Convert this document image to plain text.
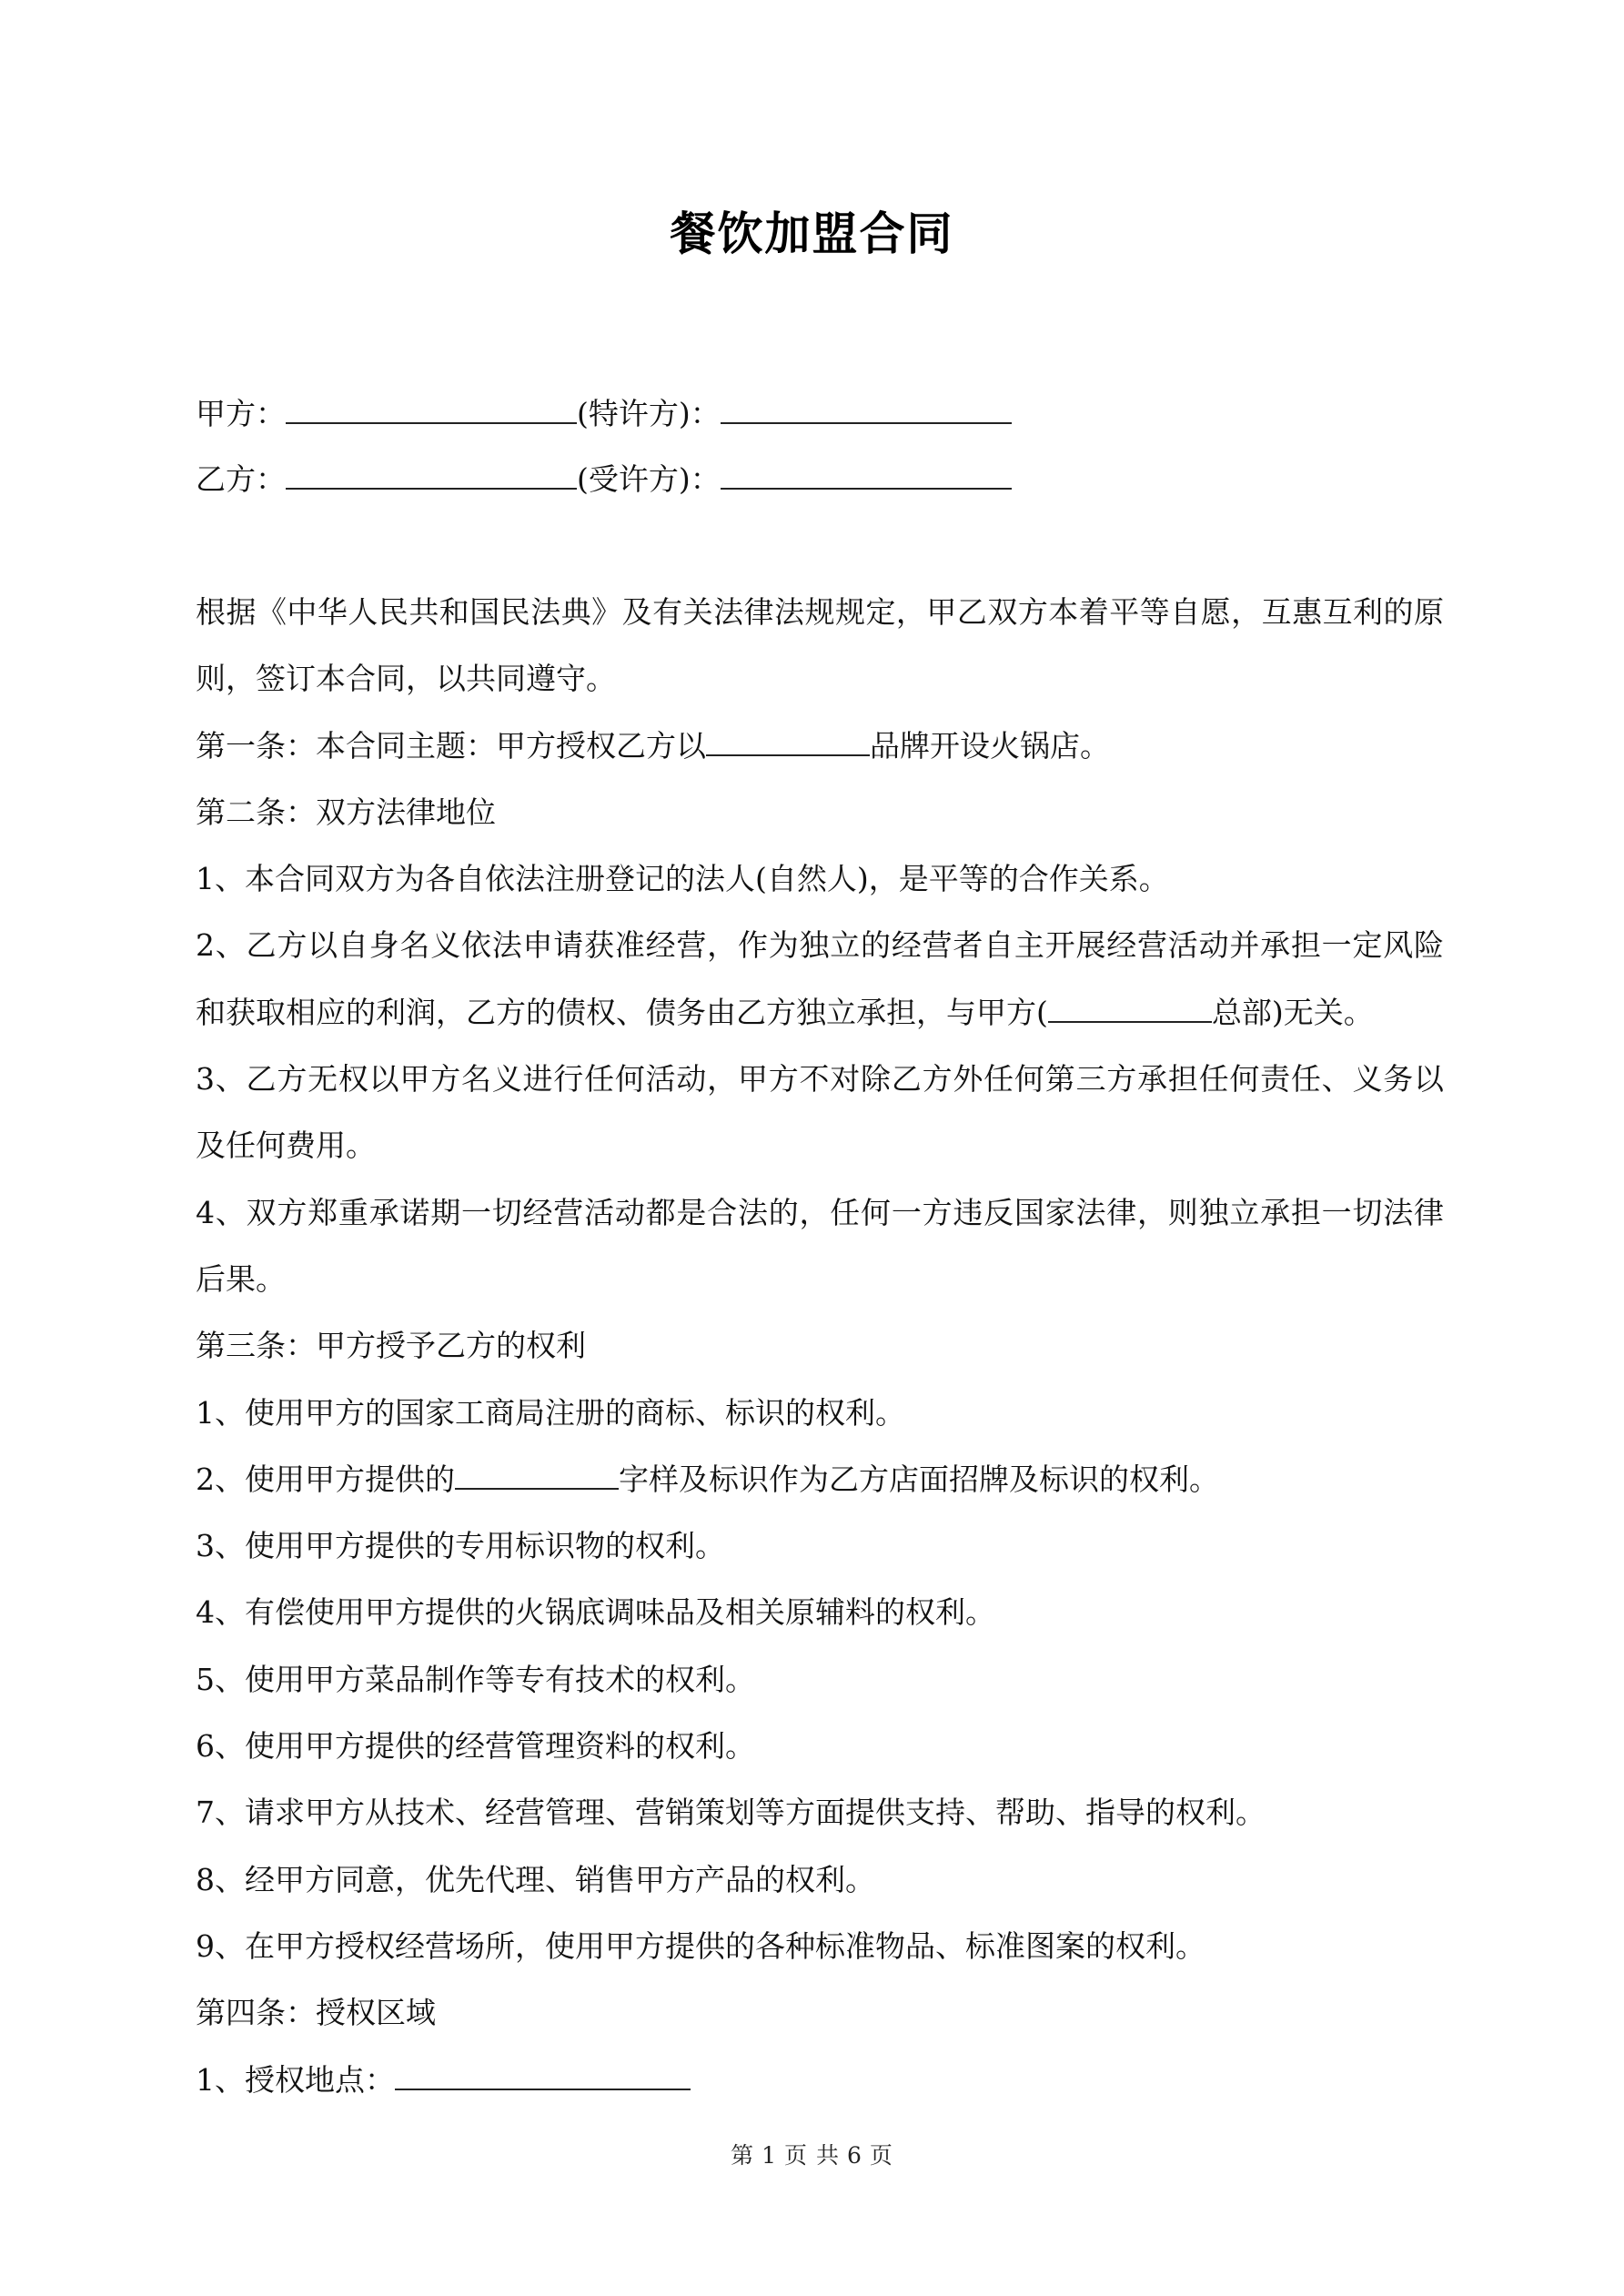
餐饮加盟合同
甲方：	(特许方)：
乙方：	(受许方)：

根据《中华人民共和国民法典》及有关法律法规规定，甲乙双方本着平等自愿，互惠互利的原则，签订本合同，以共同遵守。

第一条：本合同主题：甲方授权乙方以	品牌开设火锅店。

第二条：双方法律地位

1、本合同双方为各自依法注册登记的法人(自然人)，是平等的合作关系。

2、乙方以自身名义依法申请获准经营，作为独立的经营者自主开展经营活动并承担一定风险和获取相应的利润，乙方的债权、债务由乙方独立承担，与甲方(	总部)无关。

3、乙方无权以甲方名义进行任何活动，甲方不对除乙方外任何第三方承担任何责任、义务以及任何费用。

4、双方郑重承诺期一切经营活动都是合法的，任何一方违反国家法律，则独立承担一切法律后果。

第三条：甲方授予乙方的权利

1、使用甲方的国家工商局注册的商标、标识的权利。

2、使用甲方提供的	字样及标识作为乙方店面招牌及标识的权利。

3、使用甲方提供的专用标识物的权利。

4、有偿使用甲方提供的火锅底调味品及相关原辅料的权利。

5、使用甲方菜品制作等专有技术的权利。

6、使用甲方提供的经营管理资料的权利。

7、请求甲方从技术、经营管理、营销策划等方面提供支持、帮助、指导的权利。

8、经甲方同意，优先代理、销售甲方产品的权利。

9、在甲方授权经营场所，使用甲方提供的各种标准物品、标准图案的权利。

第四条：授权区域

1、授权地点：

第 1 页 共 6 页
